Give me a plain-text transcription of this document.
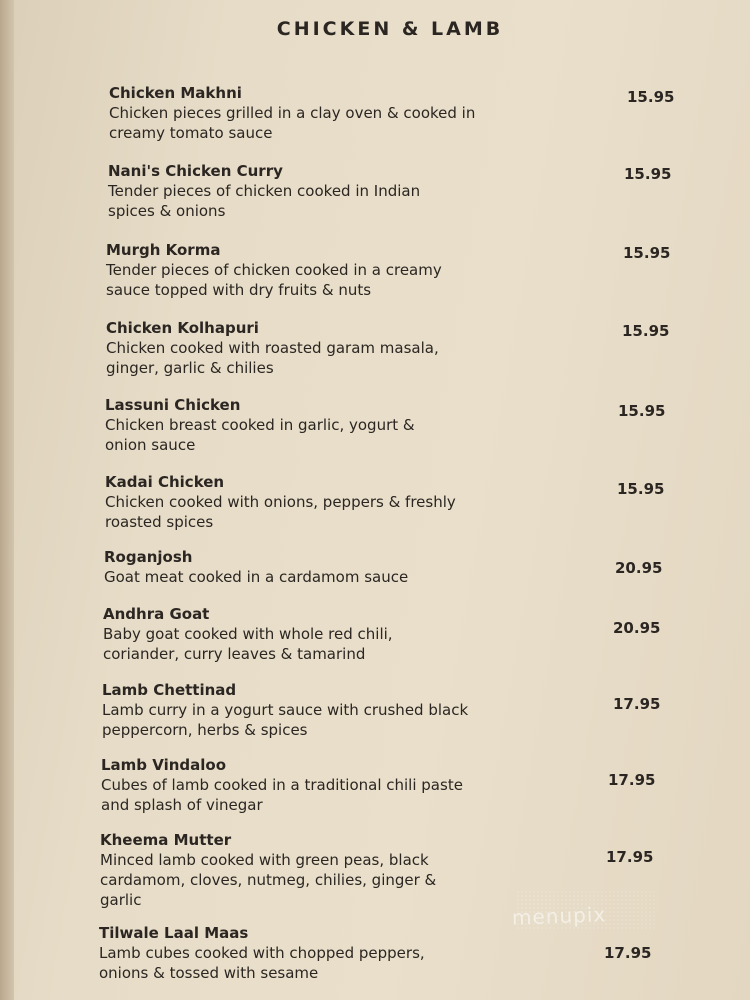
CHICKEN & LAMB
Chicken Makhni
Chicken pieces grilled in a clay oven & cooked in creamy tomato sauce
15.95
Nani's Chicken Curry
Tender pieces of chicken cooked in Indian spices & onions
15.95
Murgh Korma
Tender pieces of chicken cooked in a creamy sauce topped with dry fruits & nuts
15.95
Chicken Kolhapuri
Chicken cooked with roasted garam masala, ginger, garlic & chilies
15.95
Lassuni Chicken
Chicken breast cooked in garlic, yogurt & onion sauce
15.95
Kadai Chicken
Chicken cooked with onions, peppers & freshly roasted spices
15.95
Roganjosh
Goat meat cooked in a cardamom sauce	20.95
Andhra Goat
Baby goat cooked with whole red chili, coriander, curry leaves & tamarind
20.95
Lamb Chettinad
Lamb curry in a yogurt sauce with crushed black peppercorn, herbs & spices
17.95
Lamb Vindaloo
Cubes of lamb cooked in a traditional chili paste and splash of vinegar
17.95
Kheema Mutter
Minced lamb cooked with green peas, black cardamom, cloves, nutmeg, chilies, ginger & garlic
17.95
Tilwale Laal Maas
Lamb cubes cooked with chopped peppers, onions & tossed with sesame
17.95
menupix
